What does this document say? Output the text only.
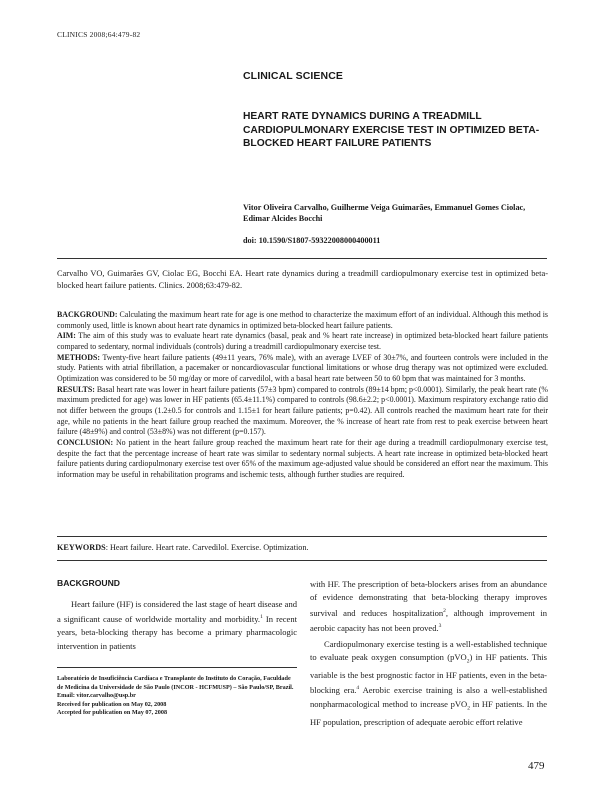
CLINICS 2008;64:479-82
CLINICAL SCIENCE
HEART RATE DYNAMICS DURING A TREADMILL CARDIOPULMONARY EXERCISE TEST IN OPTIMIZED BETA-BLOCKED HEART FAILURE PATIENTS
Vitor Oliveira Carvalho, Guilherme Veiga Guimarães, Emmanuel Gomes Ciolac, Edimar Alcides Bocchi
doi: 10.1590/S1807-59322008000400011
Carvalho VO, Guimarães GV, Ciolac EG, Bocchi EA. Heart rate dynamics during a treadmill cardiopulmonary exercise test in optimized beta-blocked heart failure patients. Clinics. 2008;63:479-82.

BACKGROUND: Calculating the maximum heart rate for age is one method to characterize the maximum effort of an individual. Although this method is commonly used, little is known about heart rate dynamics in optimized beta-blocked heart failure patients.

AIM: The aim of this study was to evaluate heart rate dynamics (basal, peak and % heart rate increase) in optimized beta-blocked heart failure patients compared to sedentary, normal individuals (controls) during a treadmill cardiopulmonary exercise test.

METHODS: Twenty-five heart failure patients (49±11 years, 76% male), with an average LVEF of 30±7%, and fourteen controls were included in the study. Patients with atrial fibrillation, a pacemaker or noncardiovascular functional limitations or whose drug therapy was not optimized were excluded. Optimization was considered to be 50 mg/day or more of carvedilol, with a basal heart rate between 50 to 60 bpm that was maintained for 3 months.

RESULTS: Basal heart rate was lower in heart failure patients (57±3 bpm) compared to controls (89±14 bpm; p<0.0001). Similarly, the peak heart rate (% maximum predicted for age) was lower in HF patients (65.4±11.1%) compared to controls (98.6±2.2; p<0.0001). Maximum respiratory exchange ratio did not differ between the groups (1.2±0.5 for controls and 1.15±1 for heart failure patients; p=0.42). All controls reached the maximum heart rate for their age, while no patients in the heart failure group reached the maximum. Moreover, the % increase of heart rate from rest to peak exercise between heart failure (48±9%) and control (53±8%) was not different (p=0.157).

CONCLUSION: No patient in the heart failure group reached the maximum heart rate for their age during a treadmill cardiopulmonary exercise test, despite the fact that the percentage increase of heart rate was similar to sedentary normal subjects. A heart rate increase in optimized beta-blocked heart failure patients during cardiopulmonary exercise test over 65% of the maximum age-adjusted value should be considered an effort near the maximum. This information may be useful in rehabilitation programs and ischemic tests, although further studies are required.

KEYWORDS: Heart failure. Heart rate. Carvedilol. Exercise. Optimization.
BACKGROUND

Heart failure (HF) is considered the last stage of heart disease and a significant cause of worldwide mortality and morbidity.$^1$ In recent years, beta-blocking therapy has become a primary pharmacologic intervention in patients

Laboratório de Insuficiência Cardíaca e Transplante do Instituto do Coração, Faculdade de Medicina da Universidade de São Paulo (INCOR - HCFMUSP) – São Paulo/SP, Brazil.
Email: vitor.carvalho@usp.br
Received for publication on May 02, 2008
Accepted for publication on May 07, 2008

with HF. The prescription of beta-blockers arises from an abundance of evidence demonstrating that beta-blocking therapy improves survival and reduces hospitalization$^2$, although improvement in aerobic capacity has not been proved.$^3$

Cardiopulmonary exercise testing is a well-established technique to evaluate peak oxygen consumption (pVO$_2$) in HF patients. This variable is the best prognostic factor in HF patients, even in the beta-blocking era.$^4$ Aerobic exercise training is also a well-established nonpharmacological method to increase pVO$_2$ in HF patients. In the HF population, prescription of adequate aerobic effort relative

479
